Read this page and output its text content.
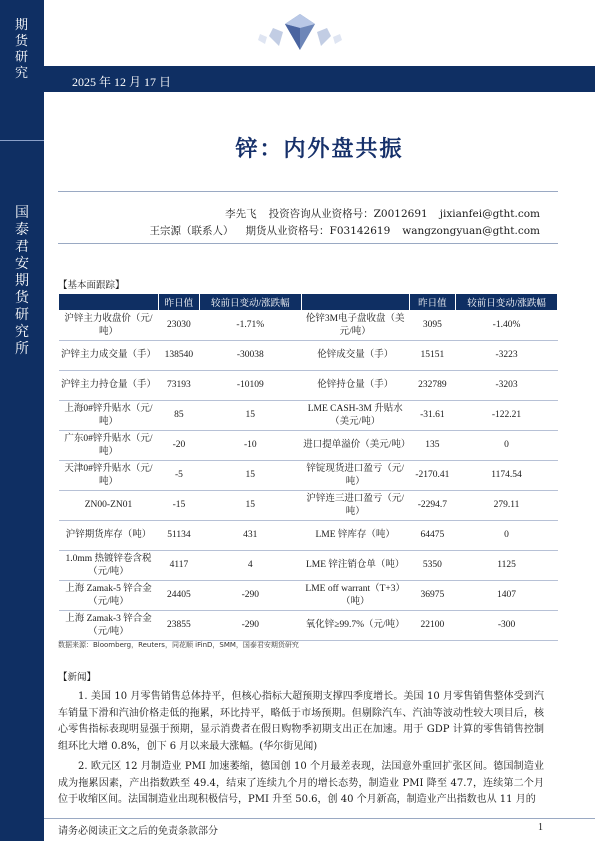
期
货
研
究
国
泰
君
安
期
货
研
究
所
2025 年 12 月 17 日
锌：内外盘共振
李先飞 投资咨询从业资格号：Z0012691 jixianfei@gtht.com
王宗源（联系人） 期货从业资格号：F03142619 wangzongyuan@gtht.com
【基本面跟踪】
	昨日值	较前日变动/涨跌幅		昨日值	较前日变动/涨跌幅
沪锌主力收盘价（元/吨）	23030	-1.71%	伦锌3M电子盘收盘（美元/吨）	3095	-1.40%
沪锌主力成交量（手）	138540	-30038	伦锌成交量（手）	15151	-3223
沪锌主力持仓量（手）	73193	-10109	伦锌持仓量（手）	232789	-3203
上海0#锌升贴水（元/吨）	85	15	LME CASH-3M 升贴水（美元/吨）	-31.61	-122.21
广东0#锌升贴水（元/吨）	-20	-10	进口提单溢价（美元/吨）	135	0
天津0#锌升贴水（元/吨）	-5	15	锌锭现货进口盈亏（元/吨）	-2170.41	1174.54
ZN00-ZN01	-15	15	沪锌连三进口盈亏（元/吨）	-2294.7	279.11
沪锌期货库存（吨）	51134	431	LME 锌库存（吨）	64475	0
1.0mm 热镀锌卷含税（元/吨）	4117	4	LME 锌注销仓单（吨）	5350	1125
上海 Zamak-5 锌合金（元/吨）	24405	-290	LME off warrant（T+3）（吨）	36975	1407
上海 Zamak-3 锌合金（元/吨）	23855	-290	氧化锌≥99.7%（元/吨）	22100	-300
数据来源：Bloomberg，Reuters，同花顺 iFinD，SMM，国泰君安期货研究
【新闻】

1. 美国 10 月零售销售总体持平，但核心指标大超预期支撑四季度增长。美国 10 月零售销售整体受到汽车销量下滑和汽油价格走低的拖累，环比持平，略低于市场预期。但剔除汽车、汽油等波动性较大项目后，核心零售指标表现明显强于预期，显示消费者在假日购物季初期支出正在加速。用于 GDP 计算的零售销售控制组环比大增 0.8%，创下 6 月以来最大涨幅。(华尔街见闻)

2. 欧元区 12 月制造业 PMI 加速萎缩，德国创 10 个月最差表现，法国意外重回扩张区间。德国制造业成为拖累因素，产出指数跌至 49.4，结束了连续九个月的增长态势，制造业 PMI 降至 47.7，连续第二个月位于收缩区间。法国制造业出现积极信号，PMI 升至 50.6，创 40 个月新高，制造业产出指数也从 11 月的

请务必阅读正文之后的免责条款部分	1
